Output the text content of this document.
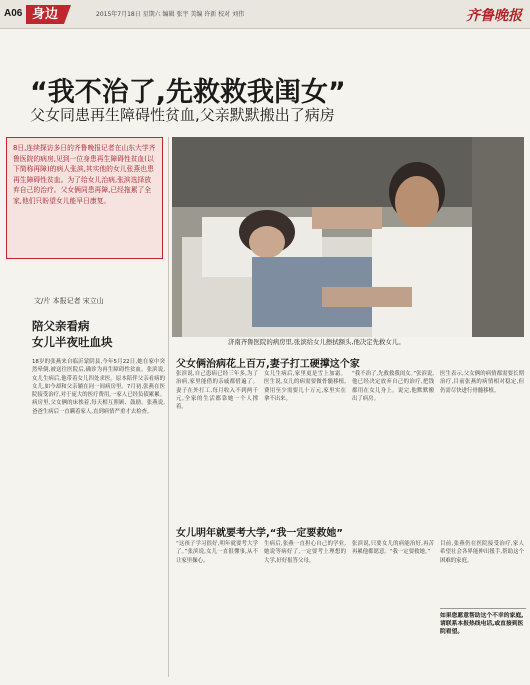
A06 身边	2015年7月18日 星期六 编辑 张宇 美编 许新 校对 刘伟	齐鲁晚报
“我不治了,先救救我闺女”
父女同患再生障碍性贫血,父亲默默搬出了病房
8日,连续探访多日的齐鲁晚报记者在山东大学齐鲁医院的病房,见到一位身患再生障碍性贫血(以下简称再障)的病人张滨,其实他的女儿张燕也患再生障碍性贫血。为了给女儿治病,张滨选择放弃自己的治疗。父女俩同患再障,已经拖累了全家,他们只盼望女儿能早日康复。
文/片 本报记者 宋立山
陪父亲看病
女儿半夜吐血块
18岁的张燕来自临沂蒙阴县,今年5月22日,她在家中突然晕倒,被送往医院后,确诊为再生障碍性贫血。张滨说,女儿生病后,他带着女儿四处求医。原本陪伴父亲看病的女儿,如今却和父亲躺在同一间病房里。7月初,张燕在医院接受治疗,对于庞大的医疗费用,一家人已经负债累累。病房里,父女俩的床挨着,每天相互照顾、鼓励。张燕说,爸爸生病后一直瞒着家人,直到病情严重才去检查。
济南齐鲁医院的病房里,张滨给女儿擦拭额头,他决定先救女儿。
父女俩治病花上百万,妻子打工硬撑这个家
张滨说,自己患病已经三年多,为了治病,家里能借的亲戚都借遍了。妻子在外打工,每月收入不到两千元,全家的生活都靠她一个人撑着。
女儿生病后,家里更是雪上加霜。医生说,女儿的病需要做骨髓移植,费用至少需要几十万元,家里实在拿不出来。
“我不治了,先救救我闺女。”张滨说,他已经决定放弃自己的治疗,把钱都用在女儿身上。说完,他默默搬出了病房。
医生表示,父女俩的病情都需要长期治疗,目前张燕的病情相对稳定,但仍需尽快进行骨髓移植。
女儿明年就要考大学,“我一定要救她”
“这孩子学习很好,明年就要考大学了。”张滨说,女儿一直很懂事,从不让家里操心。
生病后,张燕一直担心自己的学业,她说等病好了,一定要考上理想的大学,好好报答父母。
张滨说,只要女儿的病能治好,再苦再累他都愿意。“我一定要救她。”
目前,张燕仍在医院接受治疗,家人希望社会各界能伸出援手,帮助这个困难的家庭。
如果您愿意帮助这个不幸的家庭,请联系本报热线电话,或直接到医院看望。
